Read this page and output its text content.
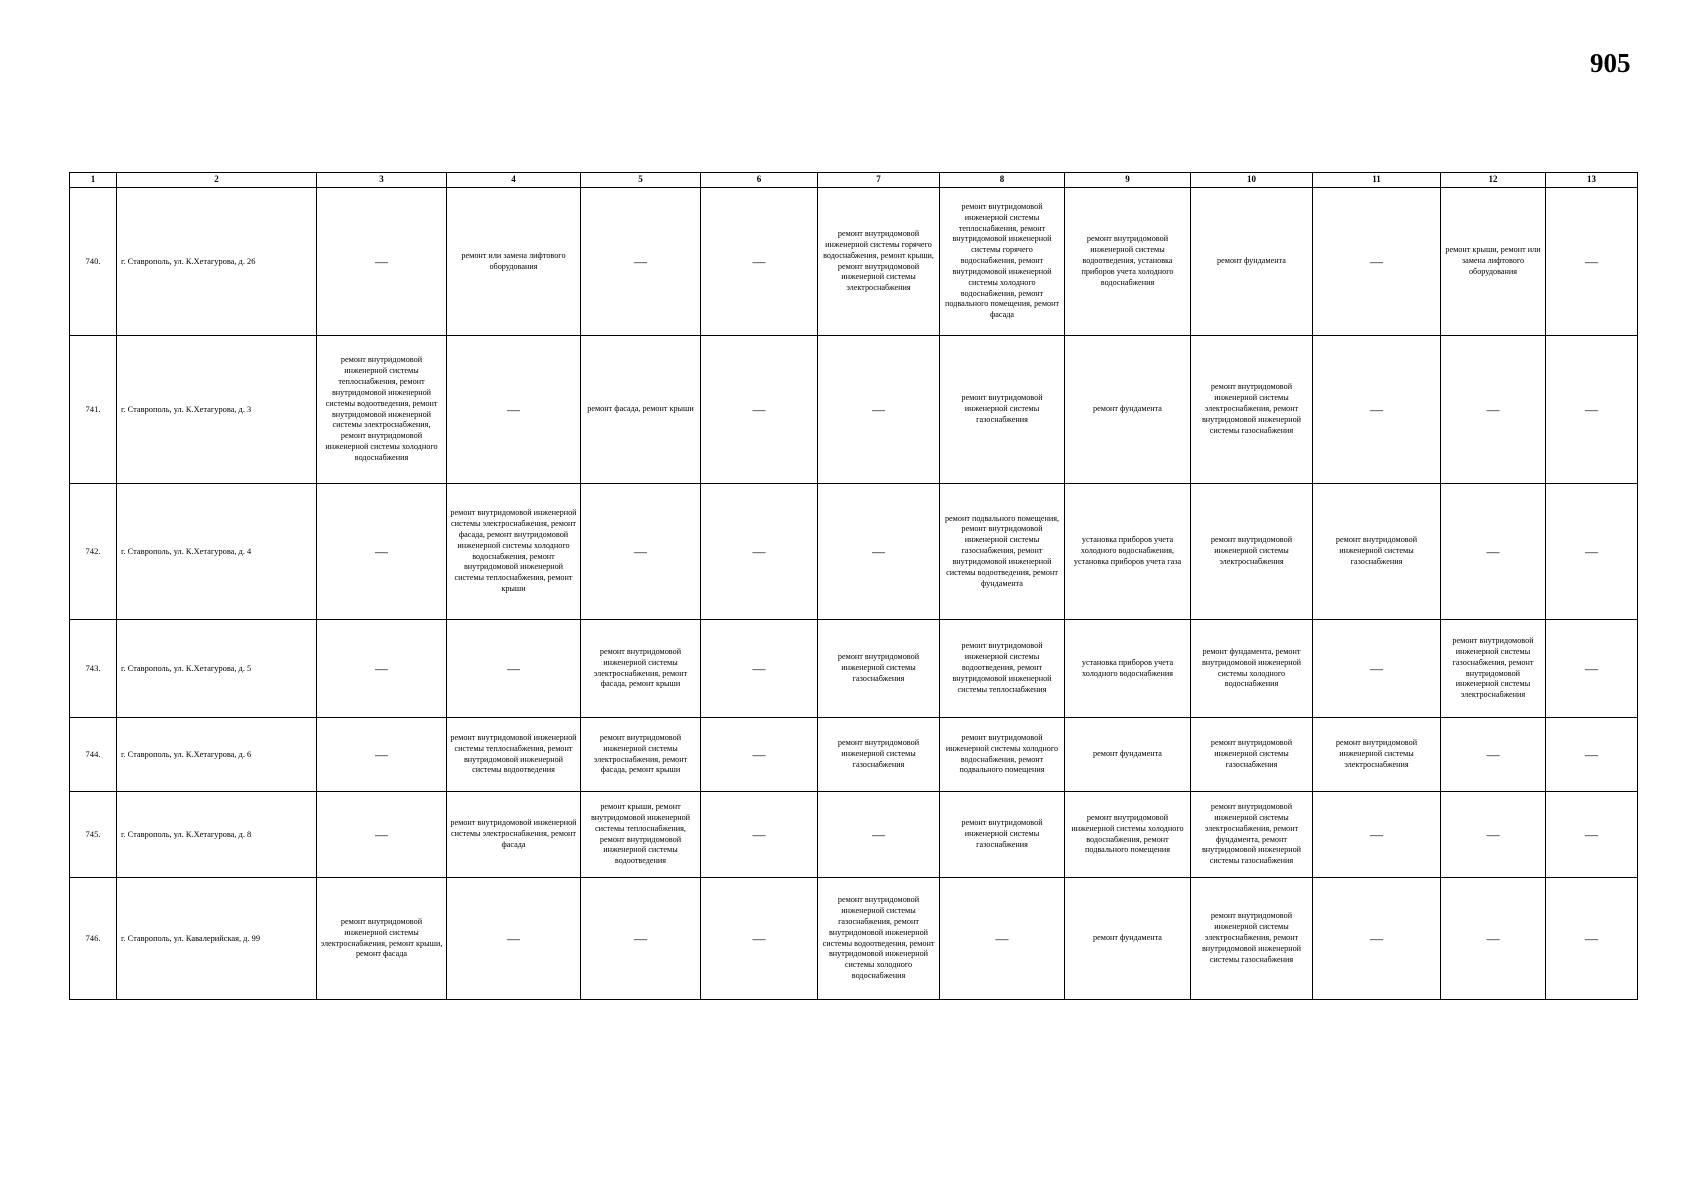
905
1	2	3	4	5	6	7	8	9	10	11	12	13
740.	г. Ставрополь, ул. К.Хетагурова, д. 26	—	ремонт или замена лифтового оборудования	—	—	ремонт внутридомовой инженерной системы горячего водоснабжения, ремонт крыши, ремонт внутридомовой инженерной системы электроснабжения	ремонт внутридомовой инженерной системы теплоснабжения, ремонт внутридомовой инженерной системы горячего водоснабжения, ремонт внутридомовой инженерной системы холодного водоснабжения, ремонт подвального помещения, ремонт фасада	ремонт внутридомовой инженерной системы водоотведения, установка приборов учета холодного водоснабжения	ремонт фундамента	—	ремонт крыши, ремонт или замена лифтового оборудования	—
741.	г. Ставрополь, ул. К.Хетагурова, д. 3	ремонт внутридомовой инженерной системы теплоснабжения, ремонт внутридомовой инженерной системы водоотведения, ремонт внутридомовой инженерной системы электроснабжения, ремонт внутридомовой инженерной системы холодного водоснабжения	—	ремонт фасада, ремонт крыши	—	—	ремонт внутридомовой инженерной системы газоснабжения	ремонт фундамента	ремонт внутридомовой инженерной системы электроснабжения, ремонт внутридомовой инженерной системы газоснабжения	—	—	—
742.	г. Ставрополь, ул. К.Хетагурова, д. 4	—	ремонт внутридомовой инженерной системы электроснабжения, ремонт фасада, ремонт внутридомовой инженерной системы холодного водоснабжения, ремонт внутридомовой инженерной системы теплоснабжения, ремонт крыши	—	—	—	ремонт подвального помещения, ремонт внутридомовой инженерной системы газоснабжения, ремонт внутридомовой инженерной системы водоотведения, ремонт фундамента	установка приборов учета холодного водоснабжения, установка приборов учета газа	ремонт внутридомовой инженерной системы электроснабжения	ремонт внутридомовой инженерной системы газоснабжения	—	—
743.	г. Ставрополь, ул. К.Хетагурова, д. 5	—	—	ремонт внутридомовой инженерной системы электроснабжения, ремонт фасада, ремонт крыши	—	ремонт внутридомовой инженерной системы газоснабжения	ремонт внутридомовой инженерной системы водоотведения, ремонт внутридомовой инженерной системы теплоснабжения	установка приборов учета холодного водоснабжения	ремонт фундамента, ремонт внутридомовой инженерной системы холодного водоснабжения	—	ремонт внутридомовой инженерной системы газоснабжения, ремонт внутридомовой инженерной системы электроснабжения	—
744.	г. Ставрополь, ул. К.Хетагурова, д. 6	—	ремонт внутридомовой инженерной системы теплоснабжения, ремонт внутридомовой инженерной системы водоотведения	ремонт внутридомовой инженерной системы электроснабжения, ремонт фасада, ремонт крыши	—	ремонт внутридомовой инженерной системы газоснабжения	ремонт внутридомовой инженерной системы холодного водоснабжения, ремонт подвального помещения	ремонт фундамента	ремонт внутридомовой инженерной системы газоснабжения	ремонт внутридомовой инженерной системы электроснабжения	—	—
745.	г. Ставрополь, ул. К.Хетагурова, д. 8	—	ремонт внутридомовой инженерной системы электроснабжения, ремонт фасада	ремонт крыши, ремонт внутридомовой инженерной системы теплоснабжения, ремонт внутридомовой инженерной системы водоотведения	—	—	ремонт внутридомовой инженерной системы газоснабжения	ремонт внутридомовой инженерной системы холодного водоснабжения, ремонт подвального помещения	ремонт внутридомовой инженерной системы электроснабжения, ремонт фундамента, ремонт внутридомовой инженерной системы газоснабжения	—	—	—
746.	г. Ставрополь, ул. Кавалерийская, д. 99	ремонт внутридомовой инженерной системы электроснабжения, ремонт крыши, ремонт фасада	—	—	—	ремонт внутридомовой инженерной системы газоснабжения, ремонт внутридомовой инженерной системы водоотведения, ремонт внутридомовой инженерной системы холодного водоснабжения	—	ремонт фундамента	ремонт внутридомовой инженерной системы электроснабжения, ремонт внутридомовой инженерной системы газоснабжения	—	—	—
